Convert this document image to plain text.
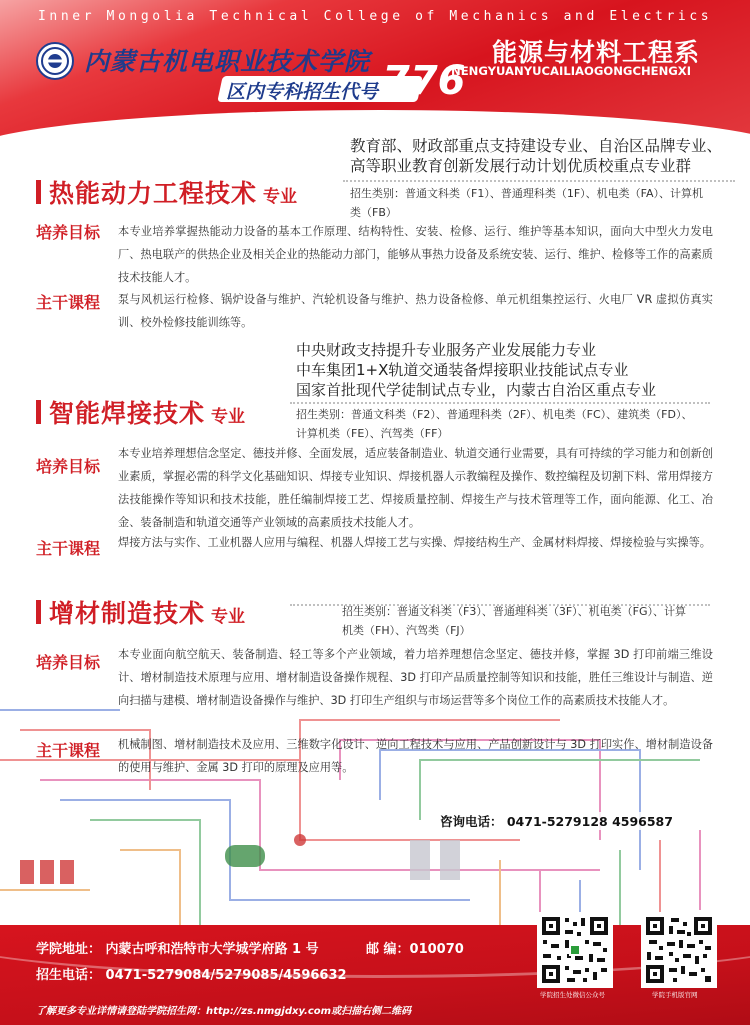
Inner Mongolia Technical College of Mechanics and Electrics
内蒙古机电职业技术学院
区内专科招生代号 776
能源与材料工程系
NENGYUANYUCAILIAOGONGCHENGXI
教育部、财政部重点支持建设专业、自治区品牌专业、
高等职业教育创新发展行动计划优质校重点专业群
热能动力工程技术 专业	招生类别：普通文科类（F1）、普通理科类（1F）、机电类（FA）、计算机类（FB）
培养目标 本专业培养掌握热能动力设备的基本工作原理、结构特性、安装、检修、运行、维护等基本知识，面向大中型火力发电厂、热电联产的供热企业及相关企业的热能动力部门，能够从事热力设备及系统安装、运行、维护、检修等工作的高素质技术技能人才。
主干课程 泵与风机运行检修、锅炉设备与维护、汽轮机设备与维护、热力设备检修、单元机组集控运行、火电厂 VR 虚拟仿真实训、校外检修技能训练等。
中央财政支持提升专业服务产业发展能力专业
中车集团1+X轨道交通装备焊接职业技能试点专业
国家首批现代学徒制试点专业，内蒙古自治区重点专业
智能焊接技术 专业	招生类别：普通文科类（F2）、普通理科类（2F）、机电类（FC）、建筑类（FD）、计算机类（FE）、汽驾类（FF）
培养目标
本专业培养理想信念坚定、德技并修、全面发展，适应装备制造业、轨道交通行业需要，具有可持续的学习能力和创新创业素质，掌握必需的科学文化基础知识、焊接专业知识、焊接机器人示教编程及操作、数控编程及切割下料、常用焊接方法技能操作等知识和技术技能，胜任编制焊接工艺、焊接质量控制、焊接生产与技术管理等工作，面向能源、化工、冶金、装备制造和轨道交通等产业领域的高素质技术技能人才。
主干课程 焊接方法与实作、工业机器人应用与编程、机器人焊接工艺与实操、焊接结构生产、金属材料焊接、焊接检验与实操等。
增材制造技术 专业	招生类别：普通文科类（F3）、普通理科类（3F）、机电类（FG）、计算机类（FH）、汽驾类（FJ）
培养目标 本专业面向航空航天、装备制造、轻工等多个产业领域，着力培养理想信念坚定、德技并修，掌握 3D 打印前端三维设计、增材制造技术原理与应用、增材制造设备操作规程、3D 打印产品质量控制等知识和技能，胜任三维设计与制造、逆向扫描与建模、增材制造设备操作与维护、3D 打印生产组织与市场运营等多个岗位工作的高素质技术技能人才。
主干课程 机械制图、增材制造技术及应用、三维数字化设计、逆向工程技术与应用、产品创新设计与 3D 打印实作、增材制造设备的使用与维护、金属 3D 打印的原理及应用等。
咨询电话： 0471-5279128 4596587
学院地址： 内蒙古呼和浩特市大学城学府路 1 号	邮 编：010070
招生电话： 0471-5279084/5279085/4596632
了解更多专业详情请登陆学院招生网：http://zs.nmgjdxy.com或扫描右侧二维码
学院招生处微信公众号	学院手机版官网
